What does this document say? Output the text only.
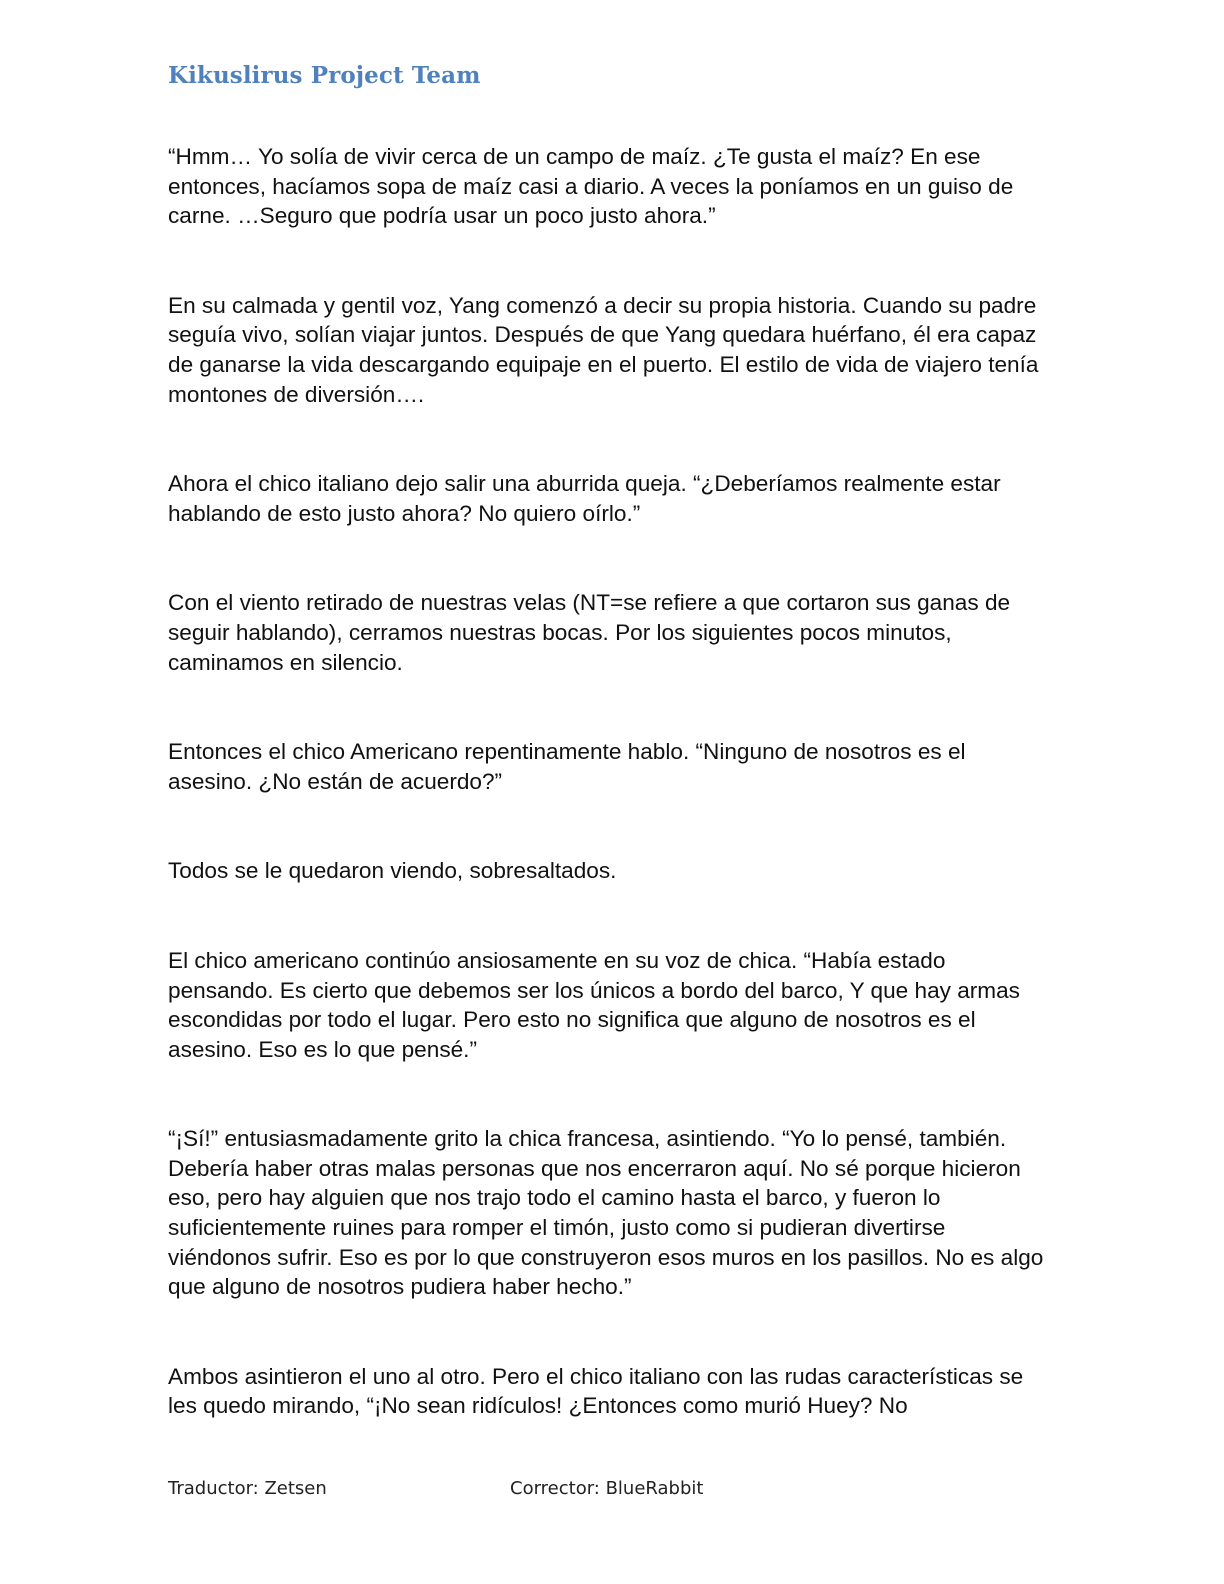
Kikuslirus Project Team

“Hmm… Yo solía de vivir cerca de un campo de maíz. ¿Te gusta el maíz? En ese entonces, hacíamos sopa de maíz casi a diario. A veces la poníamos en un guiso de carne. …Seguro que podría usar un poco justo ahora.”

En su calmada y gentil voz, Yang comenzó a decir su propia historia. Cuando su padre seguía vivo, solían viajar juntos. Después de que Yang quedara huérfano, él era capaz de ganarse la vida descargando equipaje en el puerto. El estilo de vida de viajero tenía montones de diversión….

Ahora el chico italiano dejo salir una aburrida queja. “¿Deberíamos realmente estar hablando de esto justo ahora? No quiero oírlo.”

Con el viento retirado de nuestras velas (NT=se refiere a que cortaron sus ganas de seguir hablando), cerramos nuestras bocas. Por los siguientes pocos minutos, caminamos en silencio.

Entonces el chico Americano repentinamente hablo. “Ninguno de nosotros es el asesino. ¿No están de acuerdo?”

Todos se le quedaron viendo, sobresaltados.

El chico americano continúo ansiosamente en su voz de chica. “Había estado pensando. Es cierto que debemos ser los únicos a bordo del barco, Y que hay armas escondidas por todo el lugar. Pero esto no significa que alguno de nosotros es el asesino. Eso es lo que pensé.”

“¡Sí!” entusiasmadamente grito la chica francesa, asintiendo. “Yo lo pensé, también. Debería haber otras malas personas que nos encerraron aquí. No sé porque hicieron eso, pero hay alguien que nos trajo todo el camino hasta el barco, y fueron lo suficientemente ruines para romper el timón, justo como si pudieran divertirse viéndonos sufrir. Eso es por lo que construyeron esos muros en los pasillos. No es algo que alguno de nosotros pudiera haber hecho.”

Ambos asintieron el uno al otro. Pero el chico italiano con las rudas características se les quedo mirando, “¡No sean ridículos! ¿Entonces como murió Huey? No

Traductor: Zetsen	Corrector: BlueRabbit
